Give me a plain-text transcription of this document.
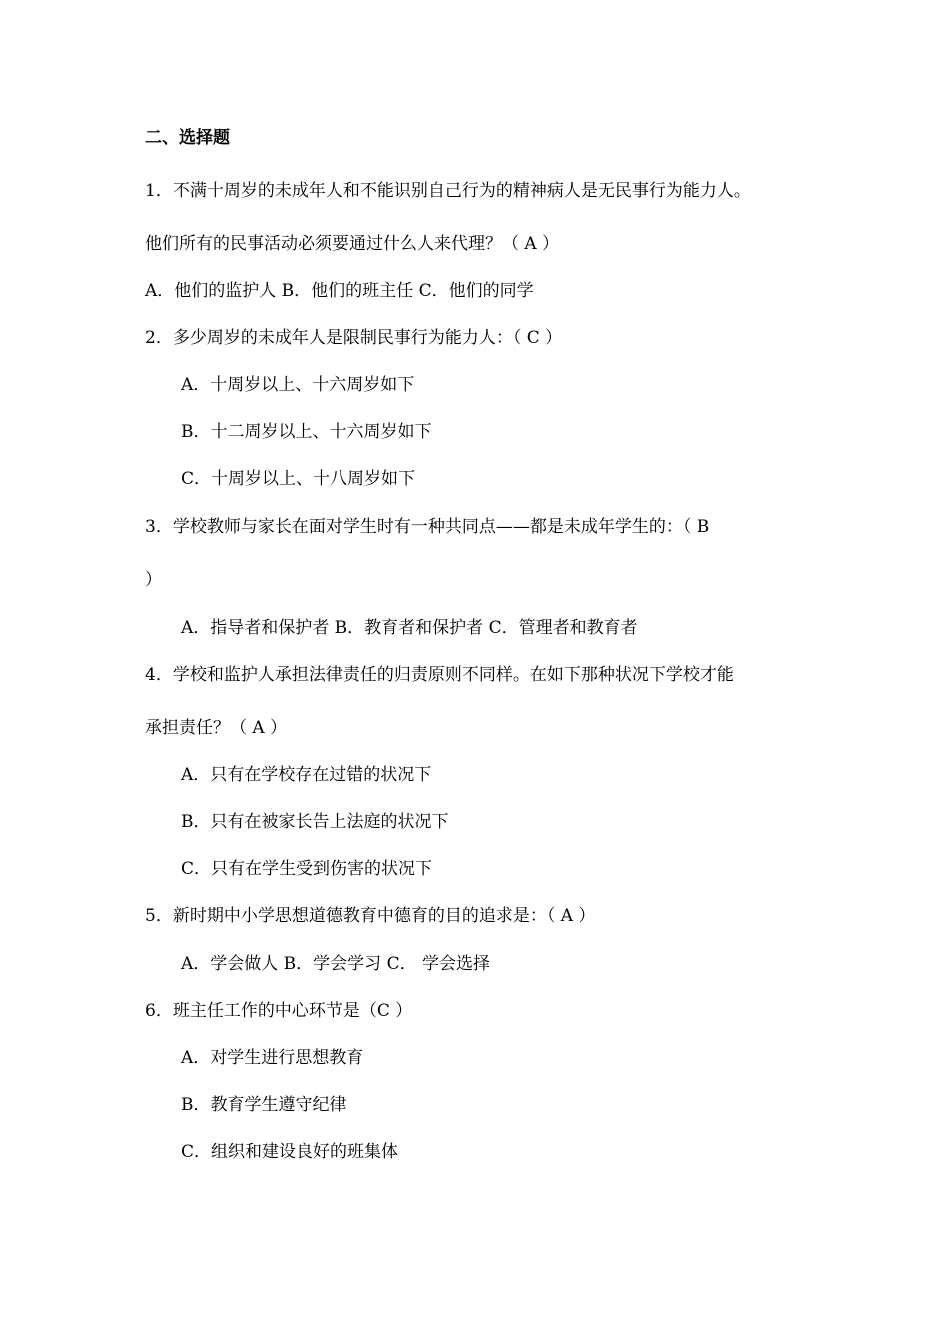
二、选择题
1．不满十周岁的未成年人和不能识别自己行为的精神病人是无民事行为能力人。
他们所有的民事活动必须要通过什么人来代理？（ A ）
A．他们的监护人 B．他们的班主任 C．他们的同学
2．多少周岁的未成年人是限制民事行为能力人：（ C ）
A．十周岁以上、十六周岁如下
B．十二周岁以上、十六周岁如下
C．十周岁以上、十八周岁如下
3．学校教师与家长在面对学生时有一种共同点——都是未成年学生的：（ B
）
A．指导者和保护者 B．教育者和保护者 C．管理者和教育者
4．学校和监护人承担法律责任的归责原则不同样。在如下那种状况下学校才能
承担责任？（ A ）
A．只有在学校存在过错的状况下
B．只有在被家长告上法庭的状况下
C．只有在学生受到伤害的状况下
5．新时期中小学思想道德教育中德育的目的追求是：（ A ）
A．学会做人 B．学会学习 C． 学会选择
6．班主任工作的中心环节是（C ）
A．对学生进行思想教育
B．教育学生遵守纪律
C．组织和建设良好的班集体
